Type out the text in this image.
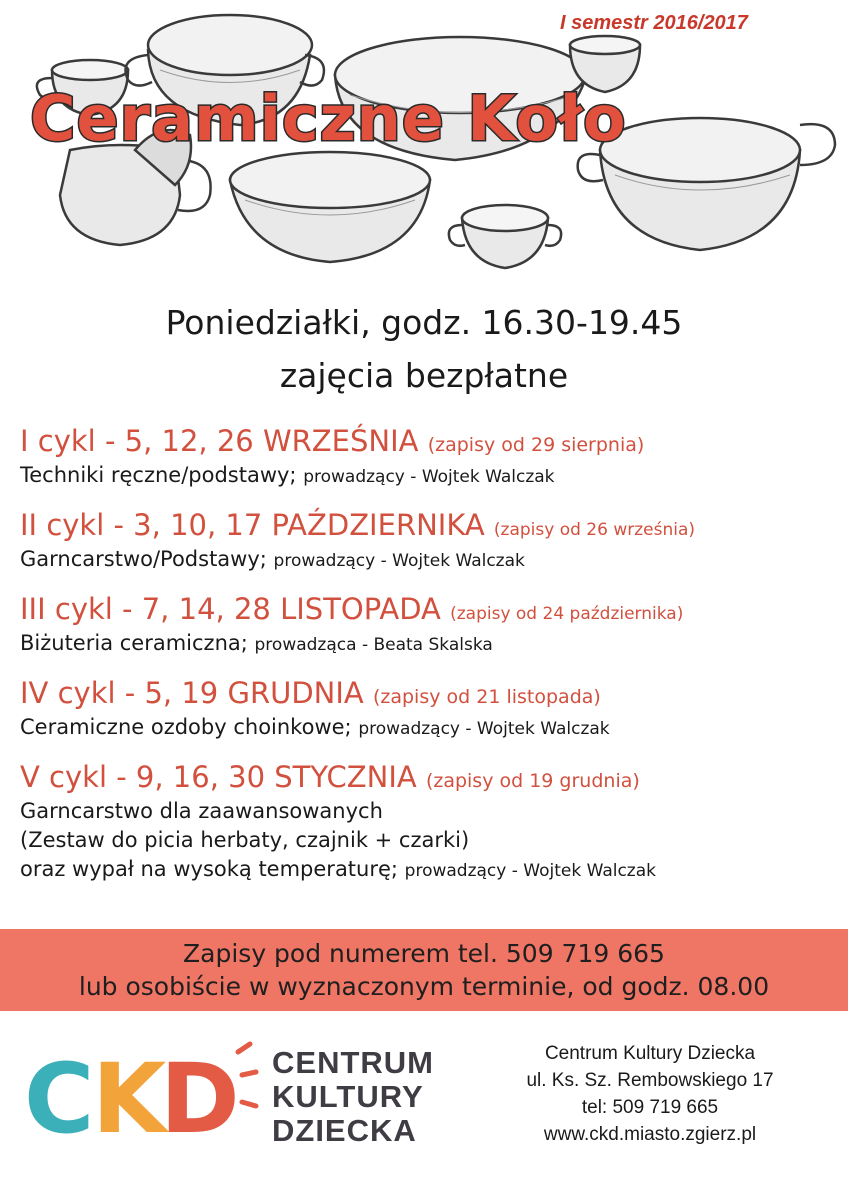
I semestr 2016/2017
Ceramiczne Koło
Poniedziałki, godz. 16.30-19.45
zajęcia bezpłatne
I cykl - 5, 12, 26 WRZEŚNIA (zapisy od 29 sierpnia)
Techniki ręczne/podstawy; prowadzący - Wojtek Walczak
II cykl - 3, 10, 17 PAŹDZIERNIKA (zapisy od 26 września)
Garncarstwo/Podstawy; prowadzący - Wojtek Walczak
III cykl - 7, 14, 28 LISTOPADA (zapisy od 24 października)
Biżuteria ceramiczna; prowadząca - Beata Skalska
IV cykl - 5, 19 GRUDNIA (zapisy od 21 listopada)
Ceramiczne ozdoby choinkowe; prowadzący - Wojtek Walczak
V cykl - 9, 16, 30 STYCZNIA (zapisy od 19 grudnia)
Garncarstwo dla zaawansowanych
(Zestaw do picia herbaty, czajnik + czarki)
oraz wypał na wysoką temperaturę; prowadzący - Wojtek Walczak
Zapisy pod numerem tel. 509 719 665
lub osobiście w wyznaczonym terminie, od godz. 08.00
C
K
D CENTRUM
KULTURY
DZIECKA
Centrum Kultury Dziecka
ul. Ks. Sz. Rembowskiego 17
tel: 509 719 665
www.ckd.miasto.zgierz.pl
